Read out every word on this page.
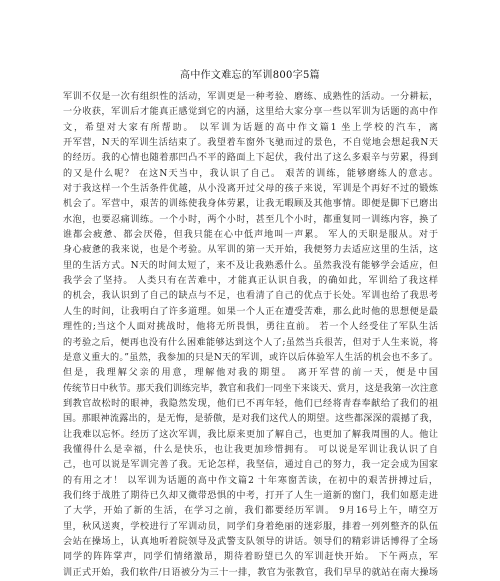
高中作文难忘的军训800字5篇
军训不仅是一次有组织性的活动，军训更是一种考验、磨练、成熟性的活动。一分耕耘，
一分收获，军训后才能真正感觉到它的内涵，这里给大家分享一些以军训为话题的高中作
文，希望对大家有所帮助。 以军训为话题的高中作文篇1 坐上学校的汽车，离
开军营，N天的军训生活结束了。我望着车窗外飞驰而过的景色，不自觉地会想起我N天
的经历。我的心情也随着那凹凸不平的路面上下起伏，我付出了这么多艰辛与劳累，得到
的又是什么呢？ 在这N天当中，我认识了自己。 艰苦的训练，能够磨练人的意志。
对于我这样一个生活条件优越，从小没离开过父母的孩子来说，军训是个再好不过的锻炼
机会了。军营中，艰苦的训练使我身体劳累，让我无暇顾及其他事情。即便是脚下已磨出
水泡，也要忍痛训练。一个小时，两个小时，甚至几个小时，都重复同一训练内容，换了
谁都会疲惫、都会厌倦，但我只能在心中低声地叫一声累。 军人的天职是服从。对于
身心疲惫的我来说，也是个考验。从军训的第一天开始，我便努力去适应这里的生活，这
里的生活方式。N天的时间太短了，来不及让我熟悉什么。虽然我没有能够学会适应，但
我学会了坚持。 人类只有在苦难中，才能真正认识自我，的确如此，军训给了我这样
的机会，我认识到了自己的缺点与不足，也看清了自己的优点于长处。军训也给了我思考
人生的时间，让我明白了许多道理。如果一个人正在遭受苦难，那么此时他的思想便是最
理性的;当这个人面对挑战时，他将无所畏惧，勇往直前。 若一个人经受住了军队生活
的考验之后，便再也没有什么困难能够达到这个人了;虽然当兵很苦，但对于人生来说，将
是意义重大的。”虽然，我参加的只是N天的军训，或许以后体验军人生活的机会也不多了。
但是，我理解父亲的用意，理解他对我的期望。 离开军营的前一天，便是中国
传统节日中秋节。那天我们训练完毕，教官和我们一同坐下来谈天、赏月，这是我第一次注意
到教官故松时的眼神，我隐然发现，他们已不再年轻，他们已经将青春奉献给了我们的祖
国。那眼神流露出的，是无悔，是骄傲，是对我们这代人的期望。这些都深深的震撼了我，
让我难以忘怀。经历了这次军训，我比原来更加了解自己，也更加了解我周围的人。他让
我懂得什么是幸福，什么是快乐，也让我更加珍惜拥有。 可以说是军训让我认识了自
己，也可以说是军训完善了我。无论怎样，我坚信，通过自己的努力，我一定会成为国家
的有用之才！ 以军训为话题的高中作文篇2 十年寒窗苦读，在初中的艰苦拼搏过后，
我们终于战胜了期待已久却又微带恐惧的中考，打开了人生一道新的窗门，我们如愿走进
了大学，开始了新的生活，在学习之前，我们都要经历军训。 9月16号上午，晴空万
里，秋风送爽，学校进行了军训动员，同学们身着绝丽的迷彩服，排着一列列整齐的队伍
会站在操场上，认真地听着院领导及武警支队领导的讲话。领导们的精彩讲话博得了全场
同学的阵阵掌声，同学们情绪激昂，期待着盼望已久的军训赶快开始。 下午两点，军
训正式开始，我们软件/日语被分为三十一排，教官为张教官，我们早早的就站在南大操场
